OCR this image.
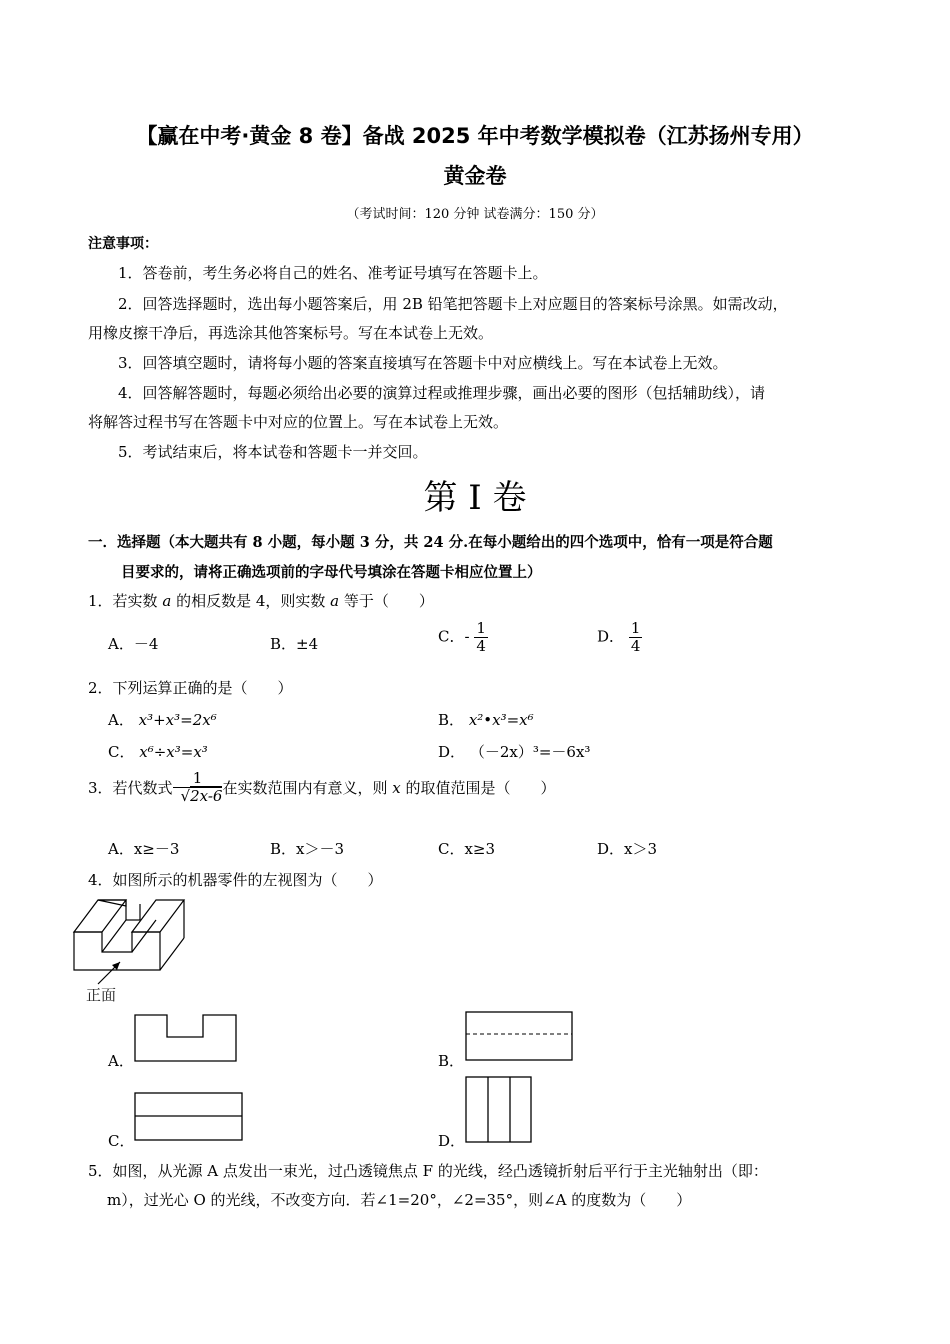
【赢在中考·黄金 8 卷】备战 2025 年中考数学模拟卷（江苏扬州专用）
黄金卷
（考试时间：120 分钟 试卷满分：150 分）
注意事项：
1．答卷前，考生务必将自己的姓名、准考证号填写在答题卡上。
2．回答选择题时，选出每小题答案后，用 2B 铅笔把答题卡上对应题目的答案标号涂黑。如需改动，
用橡皮擦干净后，再选涂其他答案标号。写在本试卷上无效。
3．回答填空题时，请将每小题的答案直接填写在答题卡中对应横线上。写在本试卷上无效。
4．回答解答题时，每题必须给出必要的演算过程或推理步骤，画出必要的图形（包括辅助线），请
将解答过程书写在答题卡中对应的位置上。写在本试卷上无效。
5．考试结束后，将本试卷和答题卡一并交回。
第 I 卷
一．选择题（本大题共有 8 小题，每小题 3 分，共 24 分.在每小题给出的四个选项中，恰有一项是符合题
目要求的，请将正确选项前的字母代号填涂在答题卡相应位置上）
1．若实数 a 的相反数是 4，则实数 a 等于（　　）
A．－4	B．±4	C．- $\frac{1}{4}$	D． $\frac{1}{4}$
2．下列运算正确的是（　　）
A． x³+x³=2x⁶	B． x²•x³=x⁶
C． x⁶÷x³=x³	D． （－2x）³=－6x³
3．若代数式 $\frac{1}{√2x-6}$ 在实数范围内有意义，则 x 的取值范围是（　　）
A．x≥－3	B．x＞－3	C．x≥3	D．x＞3
4．如图所示的机器零件的左视图为（　　）
正面
A．	B．
C．	D．
5．如图，从光源 A 点发出一束光，过凸透镜焦点 F 的光线，经凸透镜折射后平行于主光轴射出（即：
m），过光心 O 的光线，不改变方向．若∠1=20°，∠2=35°，则∠A 的度数为（　　）
